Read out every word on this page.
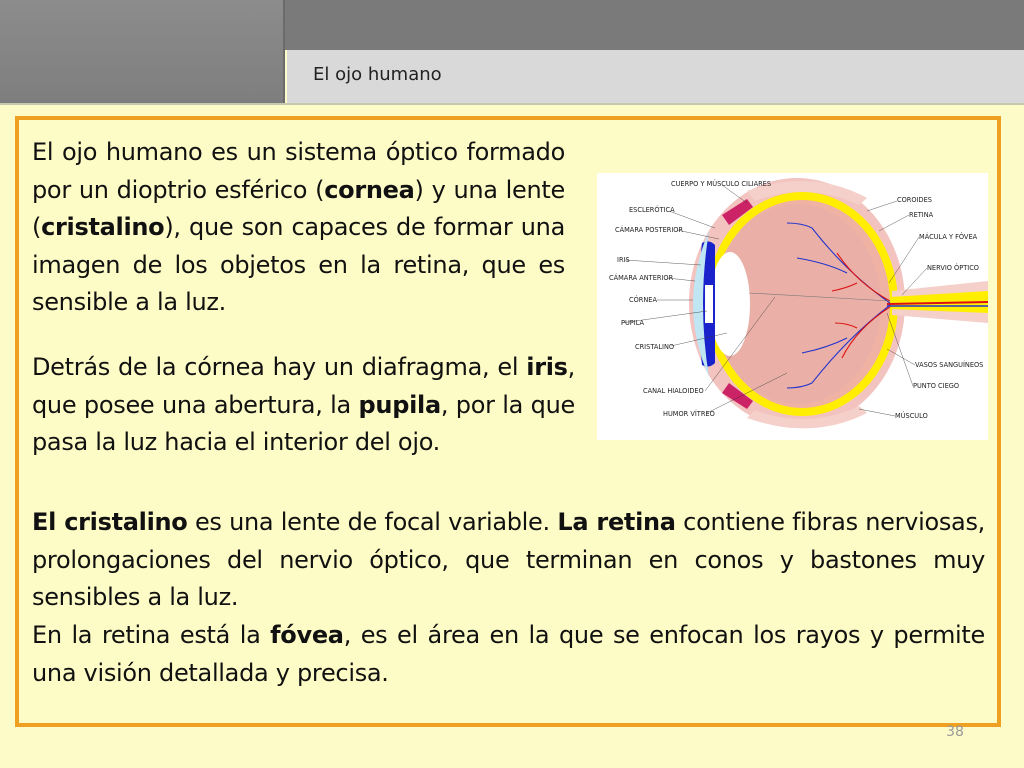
El ojo humano

El ojo humano es un sistema óptico formado por un dioptrio esférico (cornea) y una lente (cristalino), que son capaces de formar una imagen de los objetos en la retina, que es sensible a la luz.

Detrás de la córnea hay un diafragma, el iris, que posee una abertura, la pupila, por la que pasa la luz hacia el interior del ojo.

El cristalino es una lente de focal variable. La retina contiene fibras nerviosas, prolongaciones del nervio óptico, que terminan en conos y bastones muy sensibles a la luz.

En la retina está la fóvea, es el área en la que se enfocan los rayos y permite una visión detallada y precisa.

CUERPO Y MÚSCULO CILIARES
ESCLERÓTICA
CÁMARA POSTERIOR
IRIS
CÁMARA ANTERIOR
CÓRNEA
PUPILA
CRISTALINO
CANAL HIALOIDEO
HUMOR VÍTREO
COROIDES
RETINA
MÁCULA Y FÓVEA
NERVIO ÓPTICO
VASOS SANGUÍNEOS
PUNTO CIEGO
MÚSCULO
38
